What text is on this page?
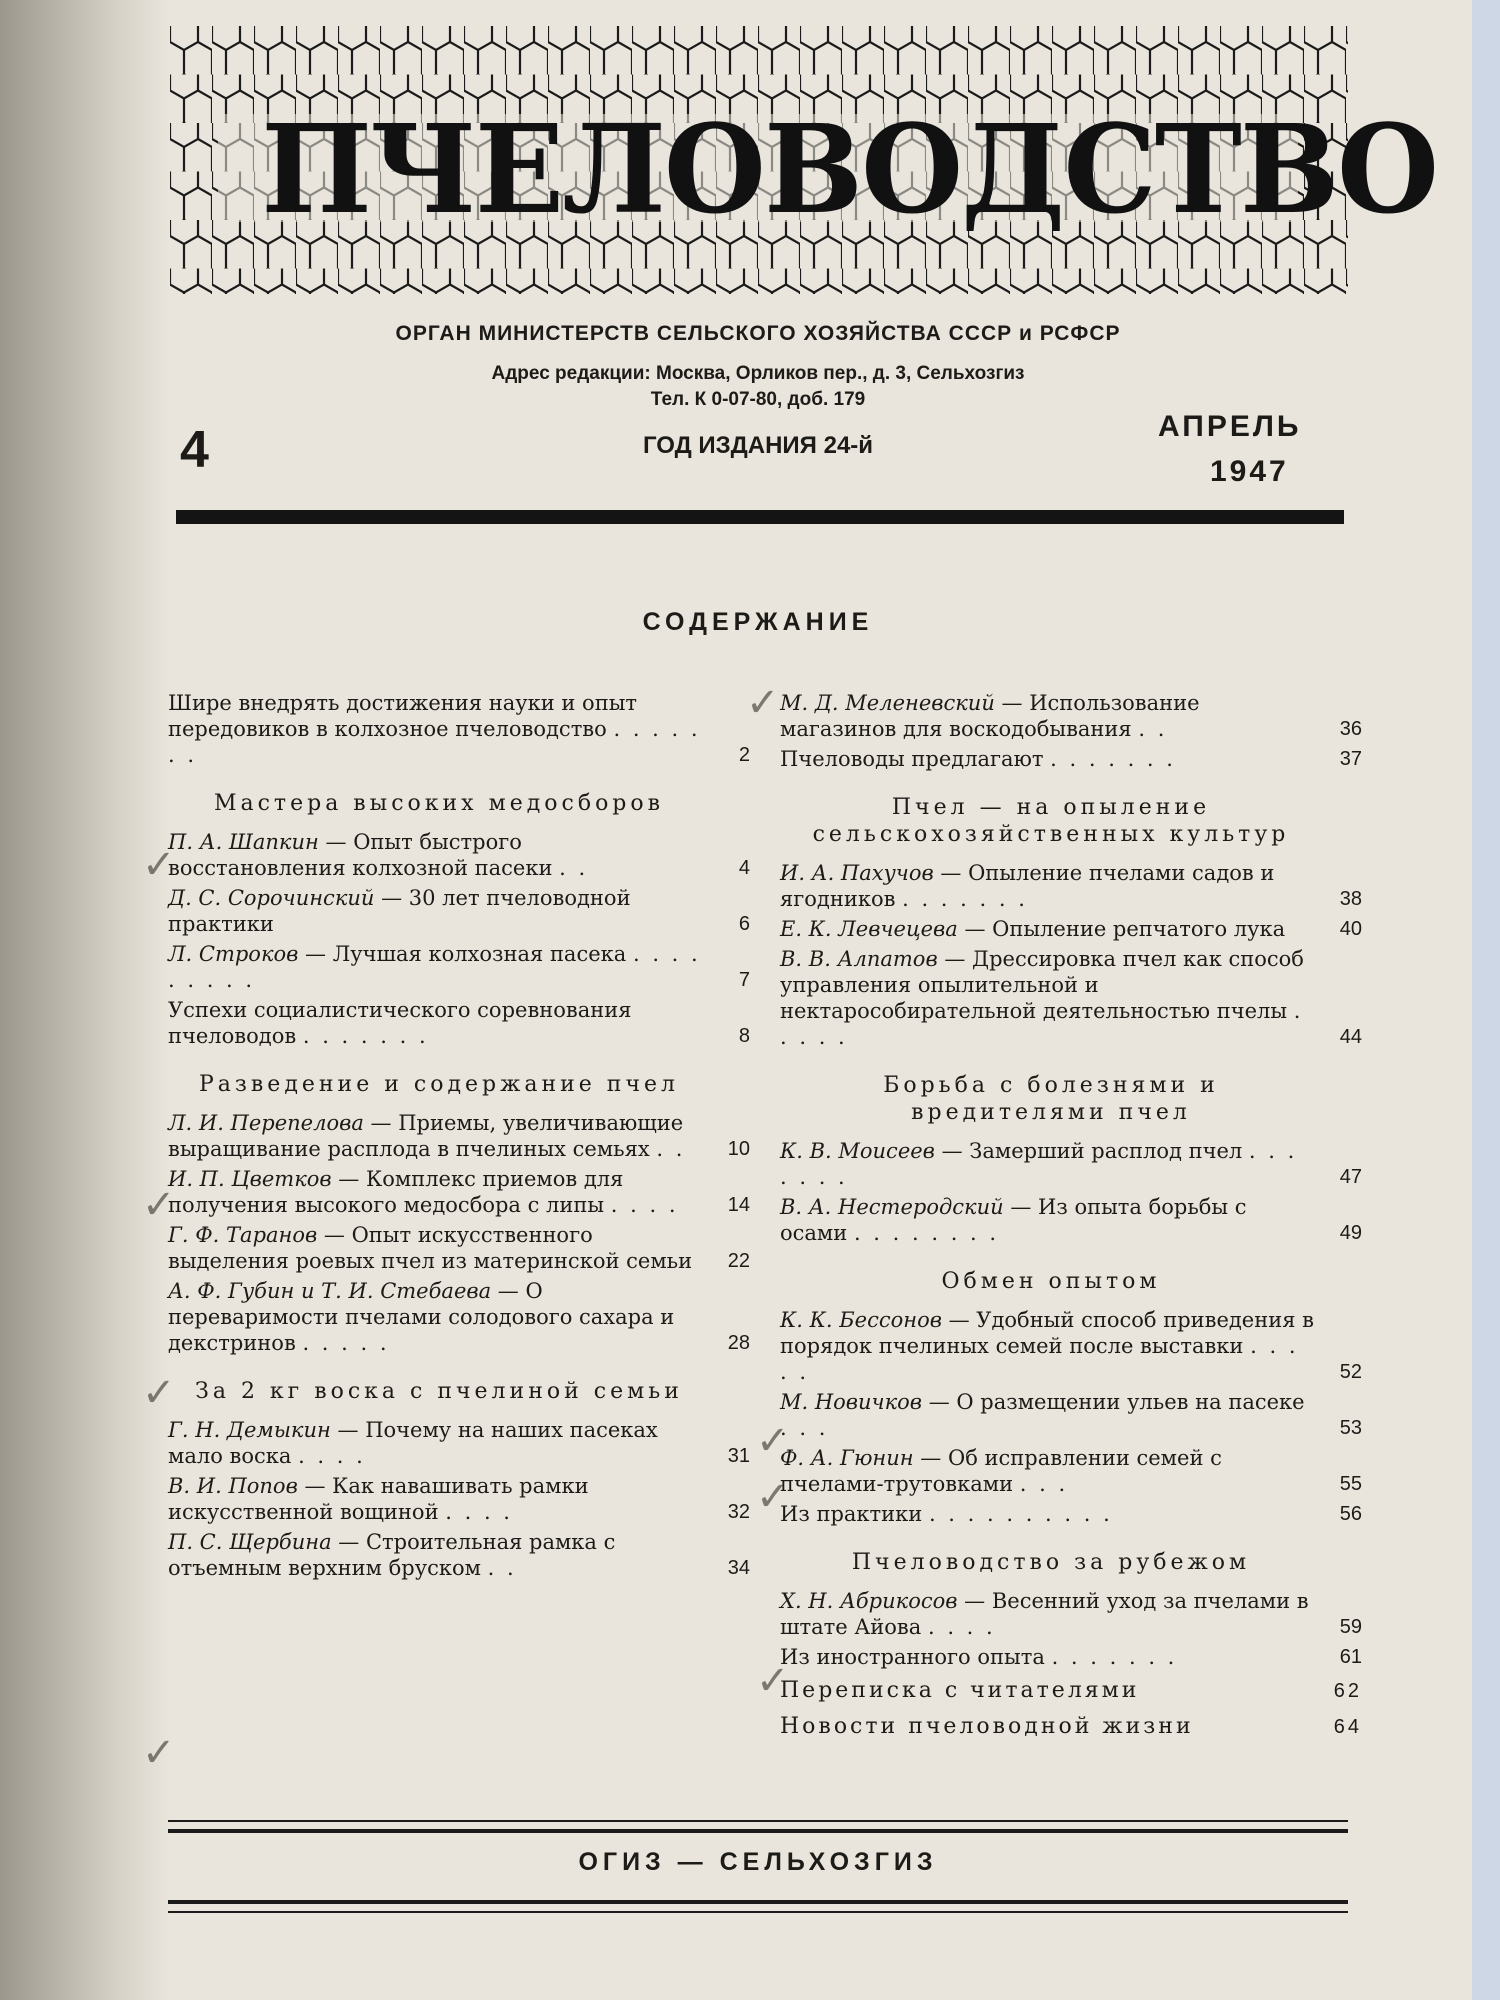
ПЧЕЛОВОДСТВО
ОРГАН МИНИСТЕРСТВ СЕЛЬСКОГО ХОЗЯЙСТВА СССР и РСФСР
Адрес редакции: Москва, Орликов пер., д. 3, Сельхозгиз
Тел. К 0-07-80, доб. 179
4	ГОД ИЗДАНИЯ 24-й
АПРЕЛЬ
1947
СОДЕРЖАНИЕ
Шире внедрять достижения науки и опыт передовиков в колхозное пчеловодство . . . . . . .	2
Мастера высоких медосборов
П. А. Шапкин — Опыт быстрого восстановления колхозной пасеки . .	4
Д. С. Сорочинский — 30 лет пчеловодной практики	6
Л. Строков — Лучшая колхозная пасека . . . . . . . . .	7
Успехи социалистического соревнования пчеловодов . . . . . . .	8
Разведение и содержание пчел
Л. И. Перепелова — Приемы, увеличивающие выращивание расплода в пчелиных семьях . .	10
И. П. Цветков — Комплекс приемов для получения высокого медосбора с липы . . . .	14
Г. Ф. Таранов — Опыт искусственного выделения роевых пчел из материнской семьи	22
А. Ф. Губин и Т. И. Стебаева — О переваримости пчелами солодового сахара и декстринов . . . . .	28
За 2 кг воска с пчелиной семьи
Г. Н. Демыкин — Почему на наших пасеках мало воска . . . .	31
В. И. Попов — Как навашивать рамки искусственной вощиной . . . .	32
П. С. Щербина — Строительная рамка с отъемным верхним бруском . .	34
М. Д. Меленевский — Использование магазинов для воскодобывания . .	36
Пчеловоды предлагают . . . . . . .	37
Пчел — на опыление сельскохозяйственных культур
И. А. Пахучов — Опыление пчелами садов и ягодников . . . . . . .	38
Е. К. Левчецева — Опыление репчатого лука	40
В. В. Алпатов — Дрессировка пчел как способ управления опылительной и нектарособирательной деятельностью пчелы . . . . .	44
Борьба с болезнями и вредителями пчел
К. В. Моисеев — Замерший расплод пчел . . . . . . .	47
В. А. Нестеродский — Из опыта борьбы с осами . . . . . . . .	49
Обмен опытом
К. К. Бессонов — Удобный способ приведения в порядок пчелиных семей после выставки . . . . .	52
М. Новичков — О размещении ульев на пасеке . . .	53
Ф. А. Гюнин — Об исправлении семей с пчелами-трутовками . . .	55
Из практики . . . . . . . . . .	56
Пчеловодство за рубежом
Х. Н. Абрикосов — Весенний уход за пчелами в штате Айова . . . .	59
Из иностранного опыта . . . . . . .	61
Переписка с читателями	62
Новости пчеловодной жизни	64
ОГИЗ — СЕЛЬХОЗГИЗ
✓
✓
✓
✓
✓
✓
✓
✓
